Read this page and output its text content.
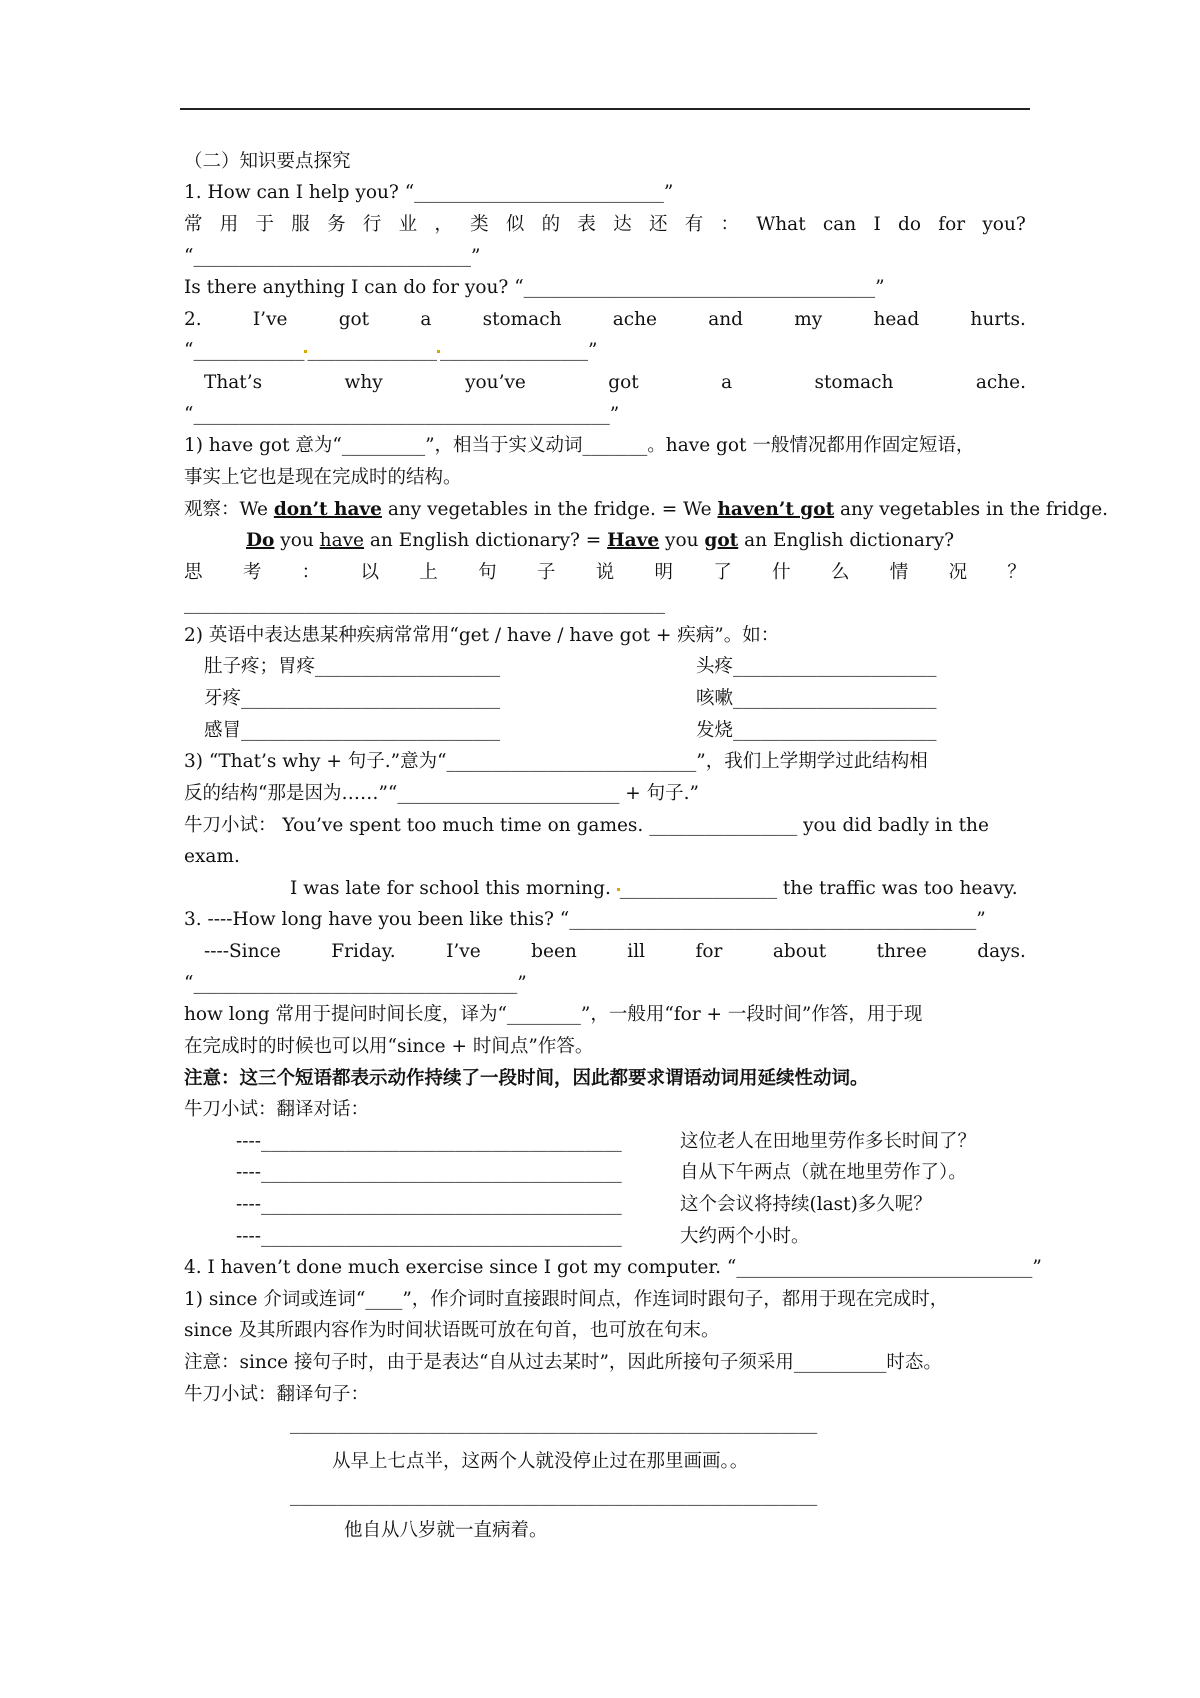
（二）知识要点探究
1. How can I help you? “___________________________”
常 用 于 服 务 行 业 ， 类 似 的 表 达 还 有 ： What can I do for you?
“______________________________”
Is there anything I can do for you? “______________________________________”
2.	I’ve	got	a	stomach	ache	and	my	head	hurts.
“____________ ______________ ________________”
That’s	why	you’ve	got	a	stomach	ache.
“_____________________________________________”
1) have got 意为“_________”，相当于实义动词_______。have got 一般情况都用作固定短语，
事实上它也是现在完成时的结构。
观察：We don’t have any vegetables in the fridge. = We haven’t got any vegetables in the fridge.
Do you have an English dictionary? = Have you got an English dictionary?
思 考 ： 以 上 句 子 说 明 了 什 么 情 况 ？
____________________________________________________
2) 英语中表达患某种疾病常常用“get / have / have got + 疾病”。如：
肚子疼；胃疼____________________	头疼______________________
牙疼____________________________	咳嗽______________________
感冒____________________________	发烧______________________
3) “That’s why + 句子.”意为“___________________________”，我们上学期学过此结构相
反的结构“那是因为……”“________________________ + 句子.”
牛刀小试： You’ve spent too much time on games. ________________ you did badly in the
exam.
I was late for school this morning. _________________ the traffic was too heavy.
3. ----How long have you been like this? “____________________________________________”
----Since	Friday.	I’ve	been	ill	for	about	three	days.
“___________________________________”
how long 常用于提问时间长度，译为“________”，一般用“for + 一段时间”作答，用于现
在完成时的时候也可以用“since + 时间点”作答。
注意：这三个短语都表示动作持续了一段时间，因此都要求谓语动词用延续性动词。
牛刀小试：翻译对话：
----_______________________________________	这位老人在田地里劳作多长时间了？
----_______________________________________	自从下午两点（就在地里劳作了）。
----_______________________________________	这个会议将持续(last)多久呢？
----_______________________________________	大约两个小时。
4. I haven’t done much exercise since I got my computer. “________________________________”
1) since 介词或连词“____”，作介词时直接跟时间点，作连词时跟句子，都用于现在完成时，
since 及其所跟内容作为时间状语既可放在句首，也可放在句末。
注意：since 接句子时，由于是表达“自从过去某时”，因此所接句子须采用__________时态。
牛刀小试：翻译句子：
_________________________________________________________
从早上七点半，这两个人就没停止过在那里画画。。
_________________________________________________________
他自从八岁就一直病着。
